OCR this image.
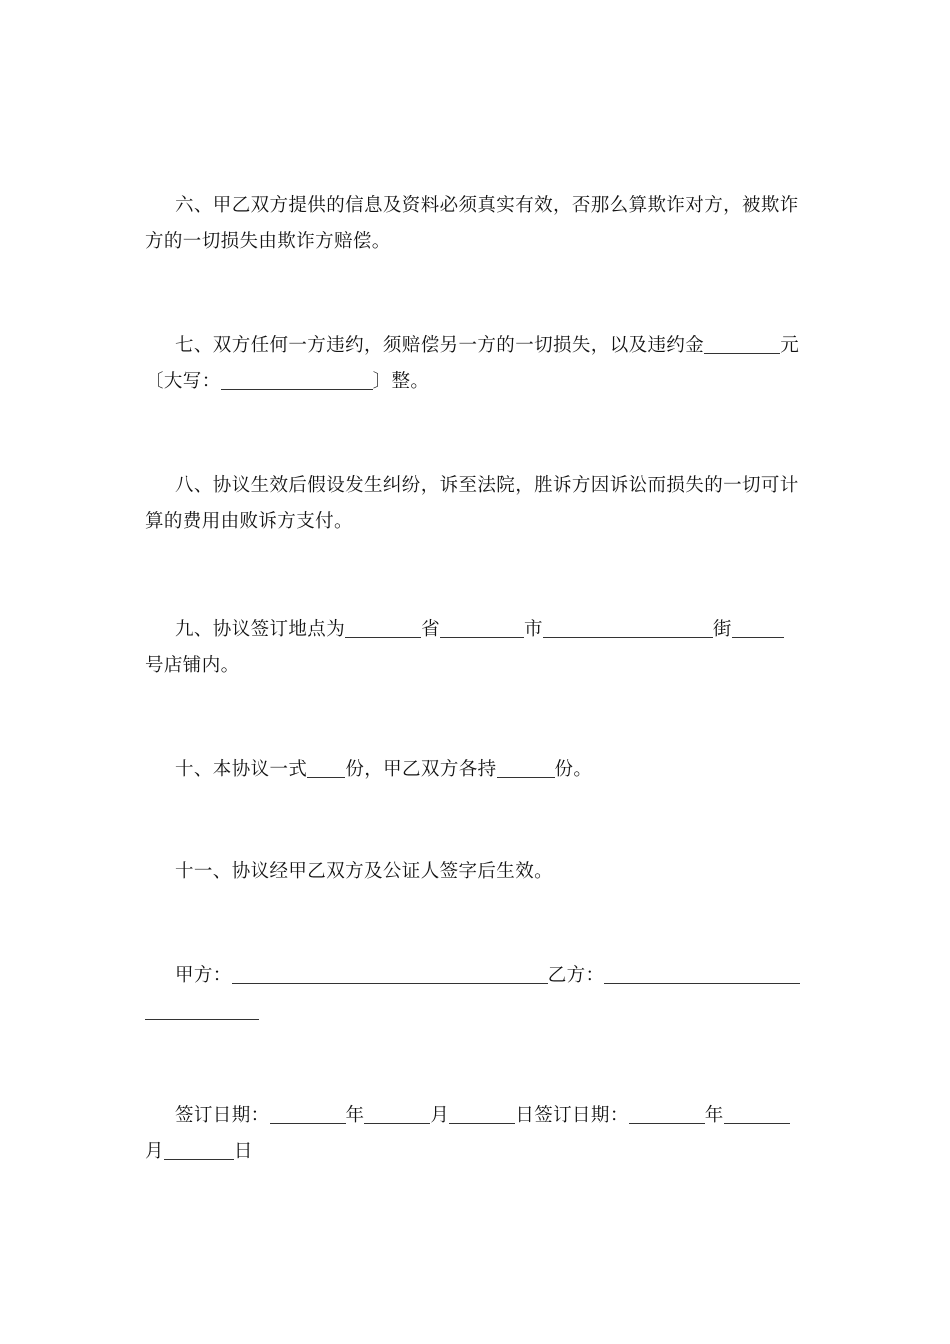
六、甲乙双方提供的信息及资料必须真实有效，否那么算欺诈对方，被欺诈
方的一切损失由欺诈方赔偿。
七、双方任何一方违约，须赔偿另一方的一切损失，以及违约金	元
〔大写：	〕整。
八、协议生效后假设发生纠纷，诉至法院，胜诉方因诉讼而损失的一切可计
算的费用由败诉方支付。
九、协议签订地点为	省	市	街
号店铺内。
十、本协议一式 份，甲乙双方各持	份。
十一、协议经甲乙双方及公证人签字后生效。
甲方：	乙方：
签订日期：	年	月	日签订日期：	年
月	日
